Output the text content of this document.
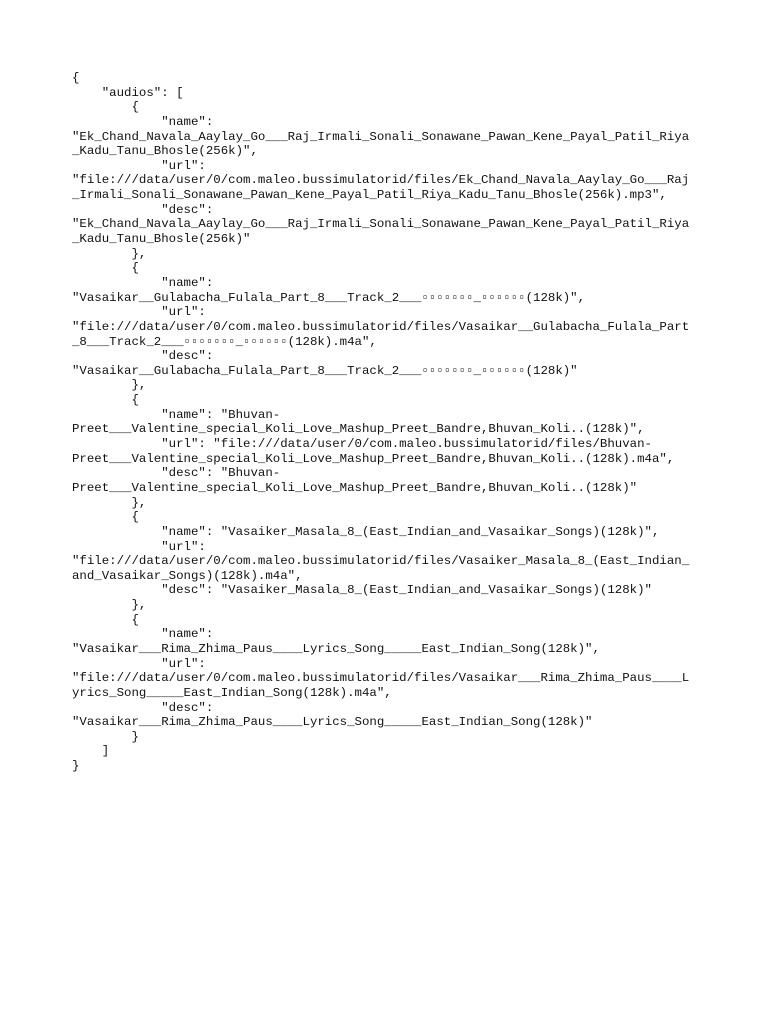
{
"audios": [
{
"name":
"Ek_Chand_Navala_Aaylay_Go___Raj_Irmali_Sonali_Sonawane_Pawan_Kene_Payal_Patil_Riya
_Kadu_Tanu_Bhosle(256k)",
"url":
"file:///data/user/0/com.maleo.bussimulatorid/files/Ek_Chand_Navala_Aaylay_Go___Raj
_Irmali_Sonali_Sonawane_Pawan_Kene_Payal_Patil_Riya_Kadu_Tanu_Bhosle(256k).mp3",
"desc":
"Ek_Chand_Navala_Aaylay_Go___Raj_Irmali_Sonali_Sonawane_Pawan_Kene_Payal_Patil_Riya
_Kadu_Tanu_Bhosle(256k)"
},
{
"name":
"Vasaikar__Gulabacha_Fulala_Part_8___Track_2___▫▫▫▫▫▫▫_▫▫▫▫▫▫(128k)",
"url":
"file:///data/user/0/com.maleo.bussimulatorid/files/Vasaikar__Gulabacha_Fulala_Part
_8___Track_2___▫▫▫▫▫▫▫_▫▫▫▫▫▫(128k).m4a",
"desc":
"Vasaikar__Gulabacha_Fulala_Part_8___Track_2___▫▫▫▫▫▫▫_▫▫▫▫▫▫(128k)"
},
{
"name": "Bhuvan-
Preet___Valentine_special_Koli_Love_Mashup_Preet_Bandre,Bhuvan_Koli..(128k)",
"url": "file:///data/user/0/com.maleo.bussimulatorid/files/Bhuvan-
Preet___Valentine_special_Koli_Love_Mashup_Preet_Bandre,Bhuvan_Koli..(128k).m4a",
"desc": "Bhuvan-
Preet___Valentine_special_Koli_Love_Mashup_Preet_Bandre,Bhuvan_Koli..(128k)"
},
{
"name": "Vasaiker_Masala_8_(East_Indian_and_Vasaikar_Songs)(128k)",
"url":
"file:///data/user/0/com.maleo.bussimulatorid/files/Vasaiker_Masala_8_(East_Indian_
and_Vasaikar_Songs)(128k).m4a",
"desc": "Vasaiker_Masala_8_(East_Indian_and_Vasaikar_Songs)(128k)"
},
{
"name":
"Vasaikar___Rima_Zhima_Paus____Lyrics_Song_____East_Indian_Song(128k)",
"url":
"file:///data/user/0/com.maleo.bussimulatorid/files/Vasaikar___Rima_Zhima_Paus____L
yrics_Song_____East_Indian_Song(128k).m4a",
"desc":
"Vasaikar___Rima_Zhima_Paus____Lyrics_Song_____East_Indian_Song(128k)"
}
]
}
